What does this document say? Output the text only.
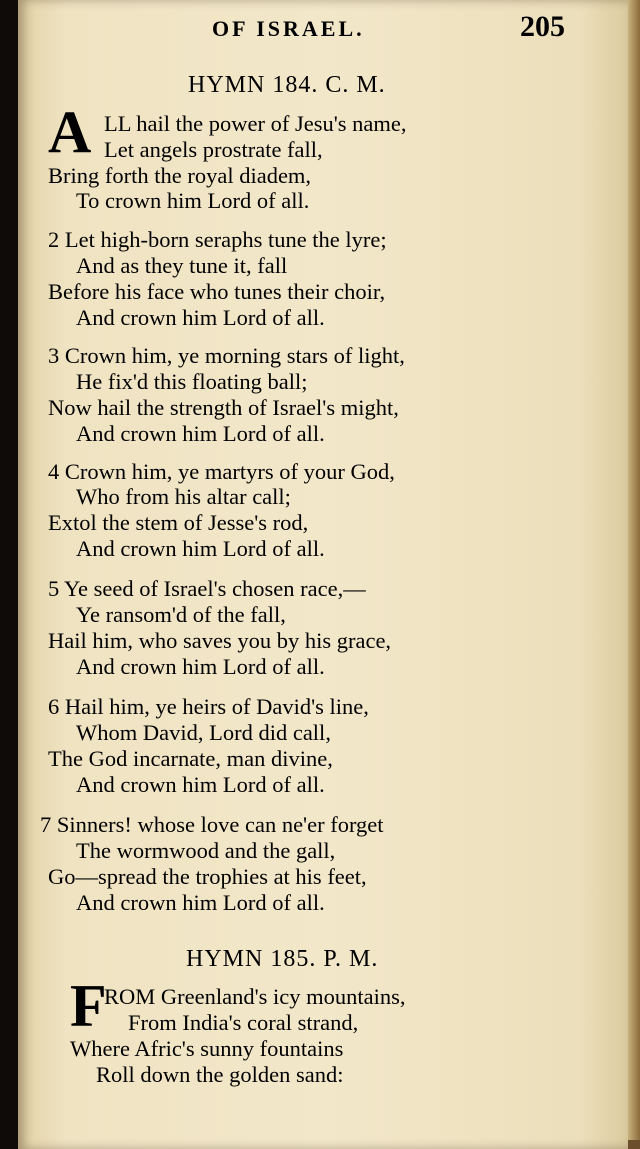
OF ISRAEL.	205
HYMN 184. C. M.
A LL hail the power of Jesu's name,
Let angels prostrate fall,
Bring forth the royal diadem,
To crown him Lord of all.
2 Let high-born seraphs tune the lyre;
And as they tune it, fall
Before his face who tunes their choir,
And crown him Lord of all.
3 Crown him, ye morning stars of light,
He fix'd this floating ball;
Now hail the strength of Israel's might,
And crown him Lord of all.
4 Crown him, ye martyrs of your God,
Who from his altar call;
Extol the stem of Jesse's rod,
And crown him Lord of all.
5 Ye seed of Israel's chosen race,—
Ye ransom'd of the fall,
Hail him, who saves you by his grace,
And crown him Lord of all.
6 Hail him, ye heirs of David's line,
Whom David, Lord did call,
The God incarnate, man divine,
And crown him Lord of all.
7 Sinners! whose love can ne'er forget
The wormwood and the gall,
Go—spread the trophies at his feet,
And crown him Lord of all.
HYMN 185. P. M.
F
ROM Greenland's icy mountains,
From India's coral strand,
Where Afric's sunny fountains
Roll down the golden sand:
